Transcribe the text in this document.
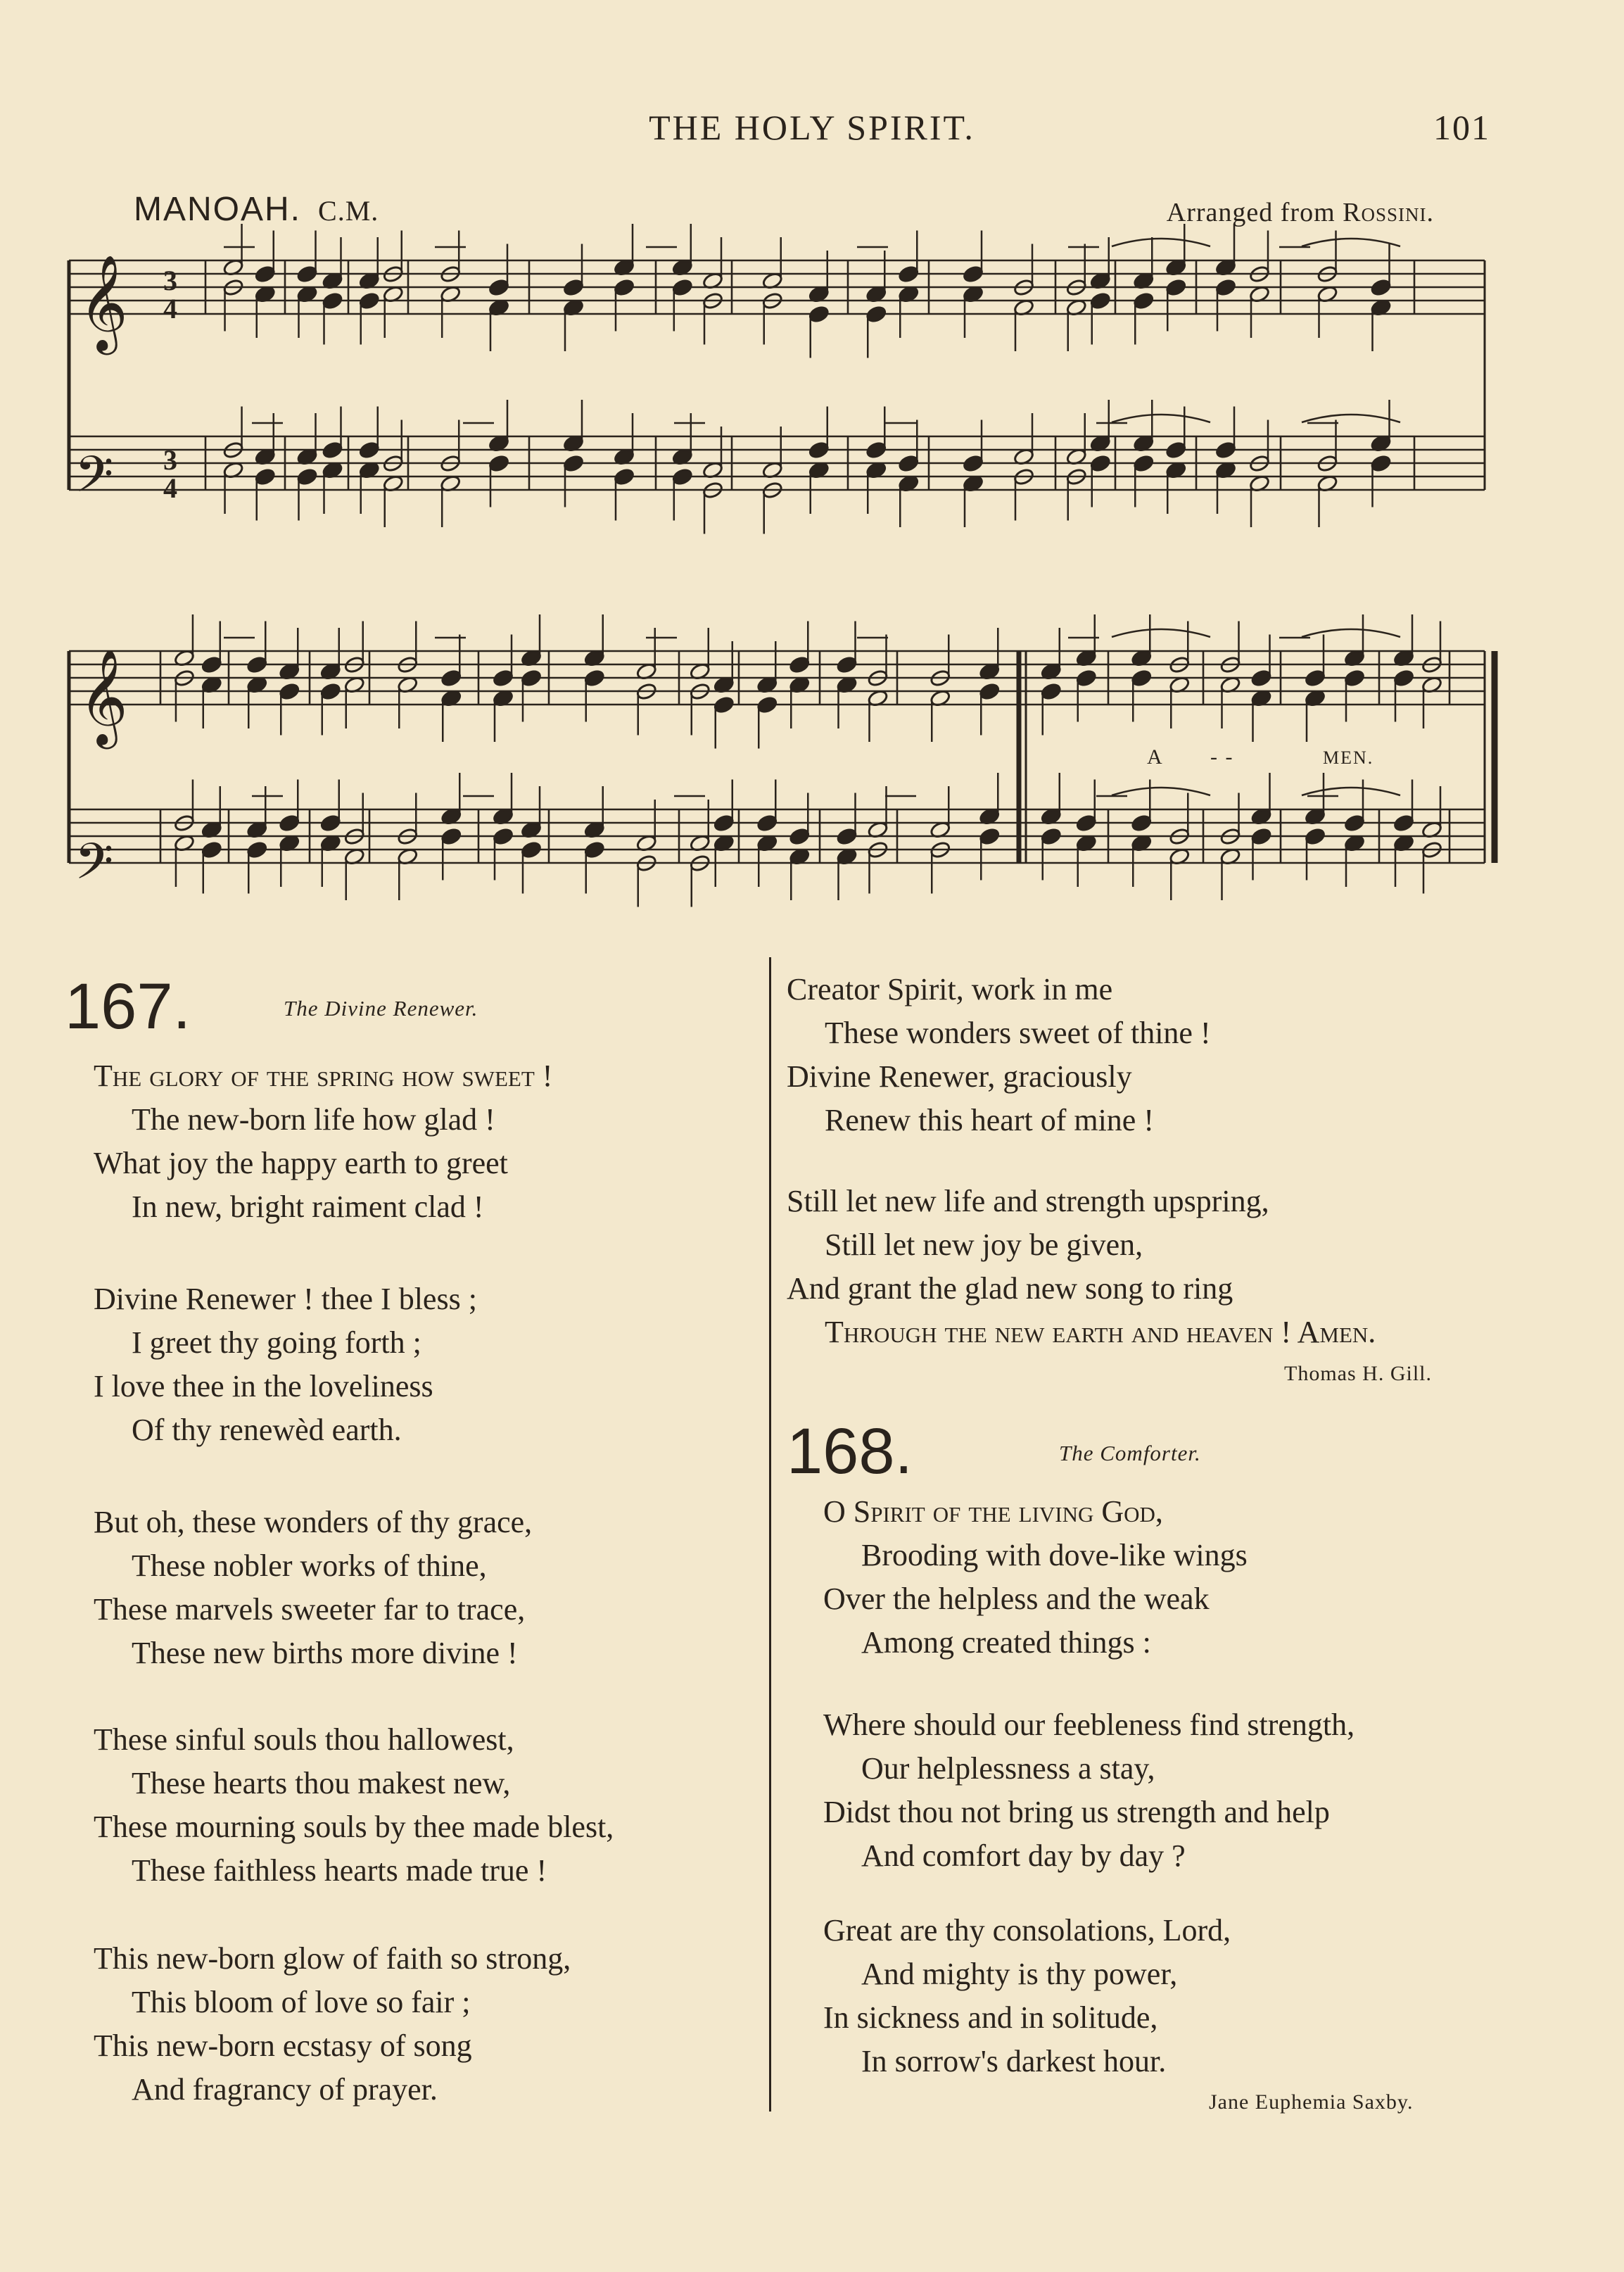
THE HOLY SPIRIT.	101
MANOAH. C.M.	Arranged from Rossini.
𝄞
𝄢
𝄞
𝄢
3
4
3
4
A - -	MEN.
167.	The Divine Renewer.
The glory of the spring how sweet !
The new-born life how glad !
What joy the happy earth to greet
In new, bright raiment clad !
Divine Renewer ! thee I bless ;
I greet thy going forth ;
I love thee in the loveliness
Of thy renewèd earth.
But oh, these wonders of thy grace,
These nobler works of thine,
These marvels sweeter far to trace,
These new births more divine !
These sinful souls thou hallowest,
These hearts thou makest new,
These mourning souls by thee made blest,
These faithless hearts made true !
This new-born glow of faith so strong,
This bloom of love so fair ;
This new-born ecstasy of song
And fragrancy of prayer.
Creator Spirit, work in me
These wonders sweet of thine !
Divine Renewer, graciously
Renew this heart of mine !
Still let new life and strength upspring,
Still let new joy be given,
And grant the glad new song to ring
Through the new earth and heaven ! Amen.
Thomas H. Gill.
168.	The Comforter.
O Spirit of the living God,
Brooding with dove-like wings
Over the helpless and the weak
Among created things :
Where should our feebleness find strength,
Our helplessness a stay,
Didst thou not bring us strength and help
And comfort day by day ?
Great are thy consolations, Lord,
And mighty is thy power,
In sickness and in solitude,
In sorrow's darkest hour.
Jane Euphemia Saxby.
